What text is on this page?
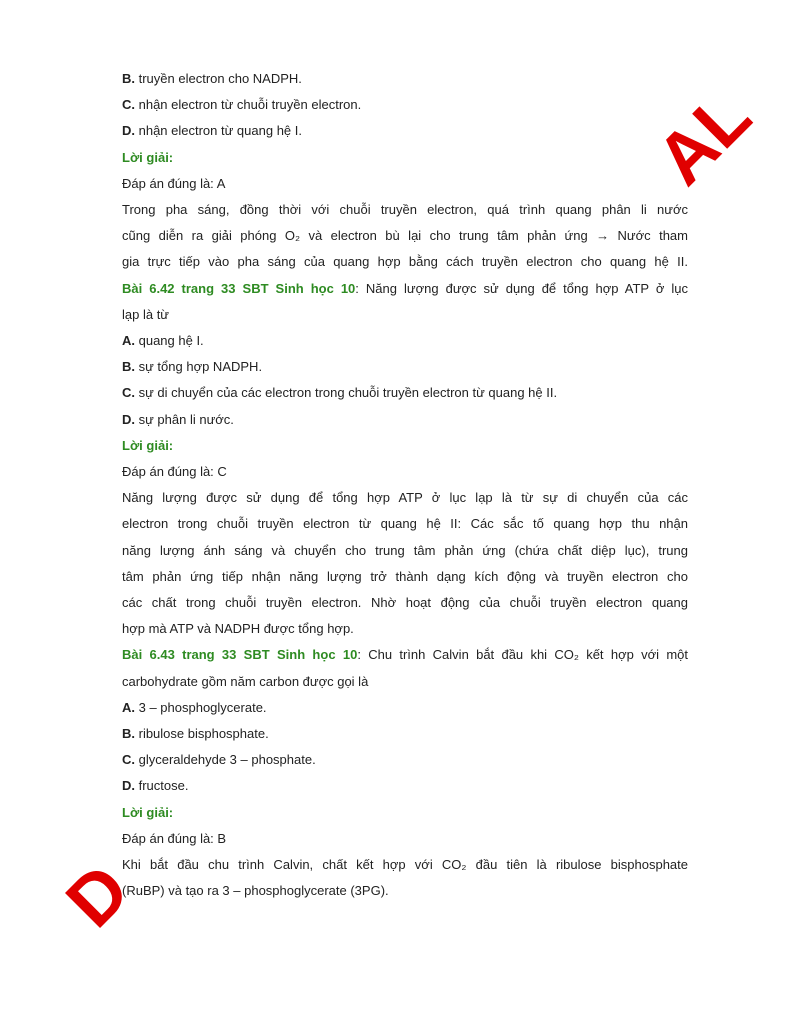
AL
D
B. truyền electron cho NADPH.
C. nhận electron từ chuỗi truyền electron.
D. nhận electron từ quang hệ I.
Lời giải:
Đáp án đúng là: A
Trong pha sáng, đồng thời với chuỗi truyền electron, quá trình quang phân li nước
cũng diễn ra giải phóng O₂ và electron bù lại cho trung tâm phản ứng → Nước tham
gia trực tiếp vào pha sáng của quang hợp bằng cách truyền electron cho quang hệ II.
Bài 6.42 trang 33 SBT Sinh học 10: Năng lượng được sử dụng để tổng hợp ATP ở lục
lạp là từ
A. quang hệ I.
B. sự tổng hợp NADPH.
C. sự di chuyển của các electron trong chuỗi truyền electron từ quang hệ II.
D. sự phân li nước.
Lời giải:
Đáp án đúng là: C
Năng lượng được sử dụng để tổng hợp ATP ở lục lạp là từ sự di chuyển của các
electron trong chuỗi truyền electron từ quang hệ II: Các sắc tố quang hợp thu nhận
năng lượng ánh sáng và chuyển cho trung tâm phản ứng (chứa chất diệp lục), trung
tâm phản ứng tiếp nhận năng lượng trở thành dạng kích động và truyền electron cho
các chất trong chuỗi truyền electron. Nhờ hoạt động của chuỗi truyền electron quang
hợp mà ATP và NADPH được tổng hợp.
Bài 6.43 trang 33 SBT Sinh học 10: Chu trình Calvin bắt đầu khi CO₂ kết hợp với một
carbohydrate gồm năm carbon được gọi là
A. 3 – phosphoglycerate.
B. ribulose bisphosphate.
C. glyceraldehyde 3 – phosphate.
D. fructose.
Lời giải:
Đáp án đúng là: B
Khi bắt đầu chu trình Calvin, chất kết hợp với CO₂ đầu tiên là ribulose bisphosphate
(RuBP) và tạo ra 3 – phosphoglycerate (3PG).
